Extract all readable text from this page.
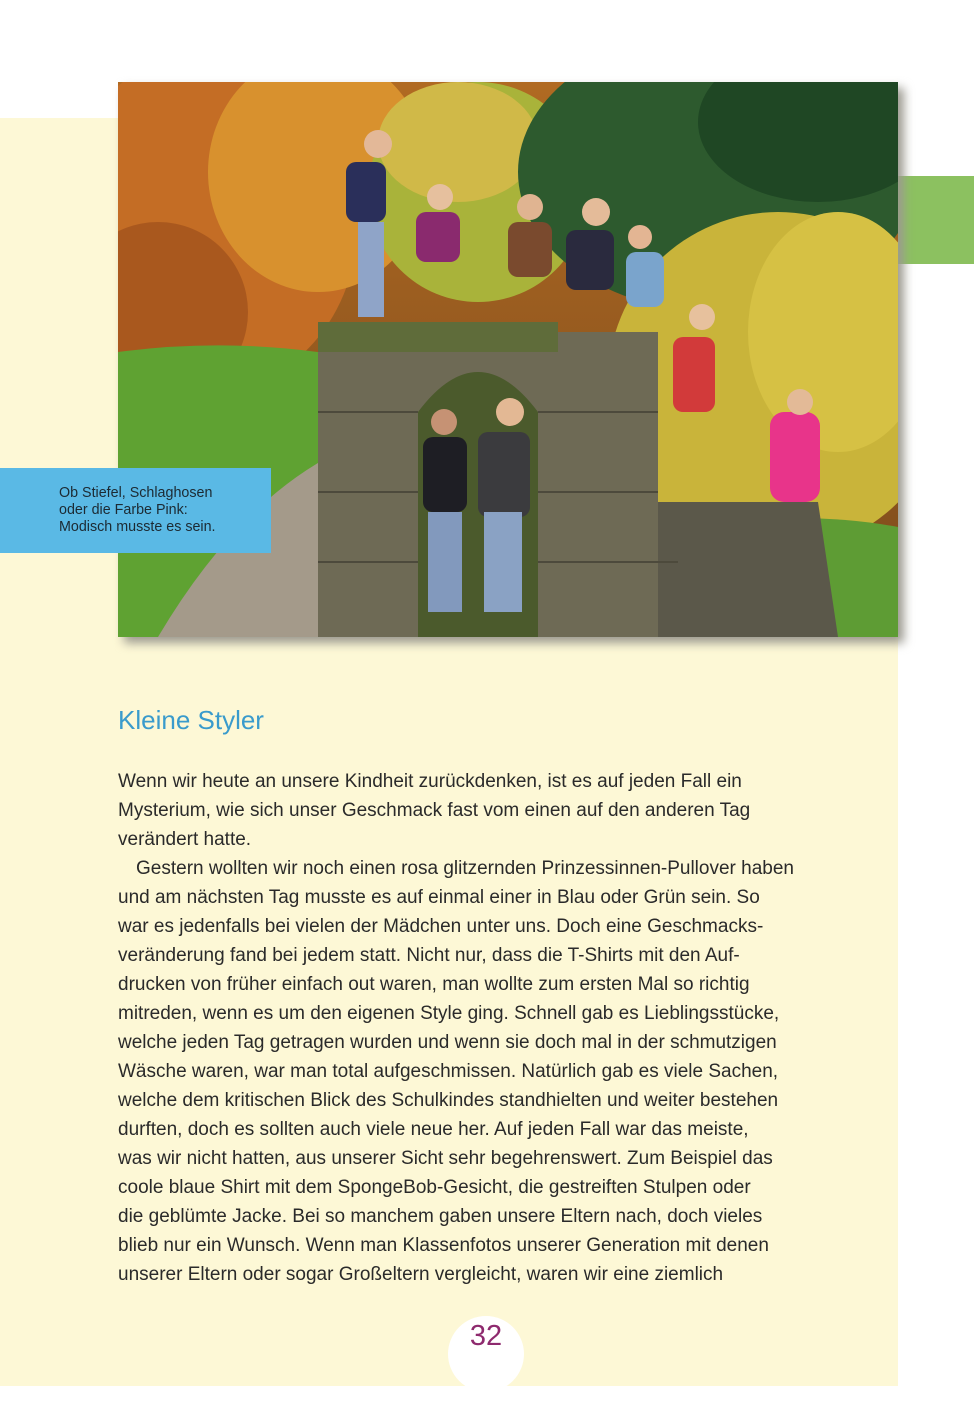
Ob Stiefel, Schlaghosen
oder die Farbe Pink:
Modisch musste es sein.
Kleine Styler
Wenn wir heute an unsere Kindheit zurückdenken, ist es auf jeden Fall ein
Mysterium, wie sich unser Geschmack fast vom einen auf den anderen Tag
verändert hatte.
Gestern wollten wir noch einen rosa glitzernden Prinzessinnen-Pullover haben
und am nächsten Tag musste es auf einmal einer in Blau oder Grün sein. So
war es jedenfalls bei vielen der Mädchen unter uns. Doch eine Geschmacks-
veränderung fand bei jedem statt. Nicht nur, dass die T-Shirts mit den Auf-
drucken von früher einfach out waren, man wollte zum ersten Mal so richtig
mitreden, wenn es um den eigenen Style ging. Schnell gab es Lieblingsstücke,
welche jeden Tag getragen wurden und wenn sie doch mal in der schmutzigen
Wäsche waren, war man total aufgeschmissen. Natürlich gab es viele Sachen,
welche dem kritischen Blick des Schulkindes standhielten und weiter bestehen
durften, doch es sollten auch viele neue her. Auf jeden Fall war das meiste,
was wir nicht hatten, aus unserer Sicht sehr begehrenswert. Zum Beispiel das
coole blaue Shirt mit dem SpongeBob-Gesicht, die gestreiften Stulpen oder
die geblümte Jacke. Bei so manchem gaben unsere Eltern nach, doch vieles
blieb nur ein Wunsch. Wenn man Klassenfotos unserer Generation mit denen
unserer Eltern oder sogar Großeltern vergleicht, waren wir eine ziemlich
32
